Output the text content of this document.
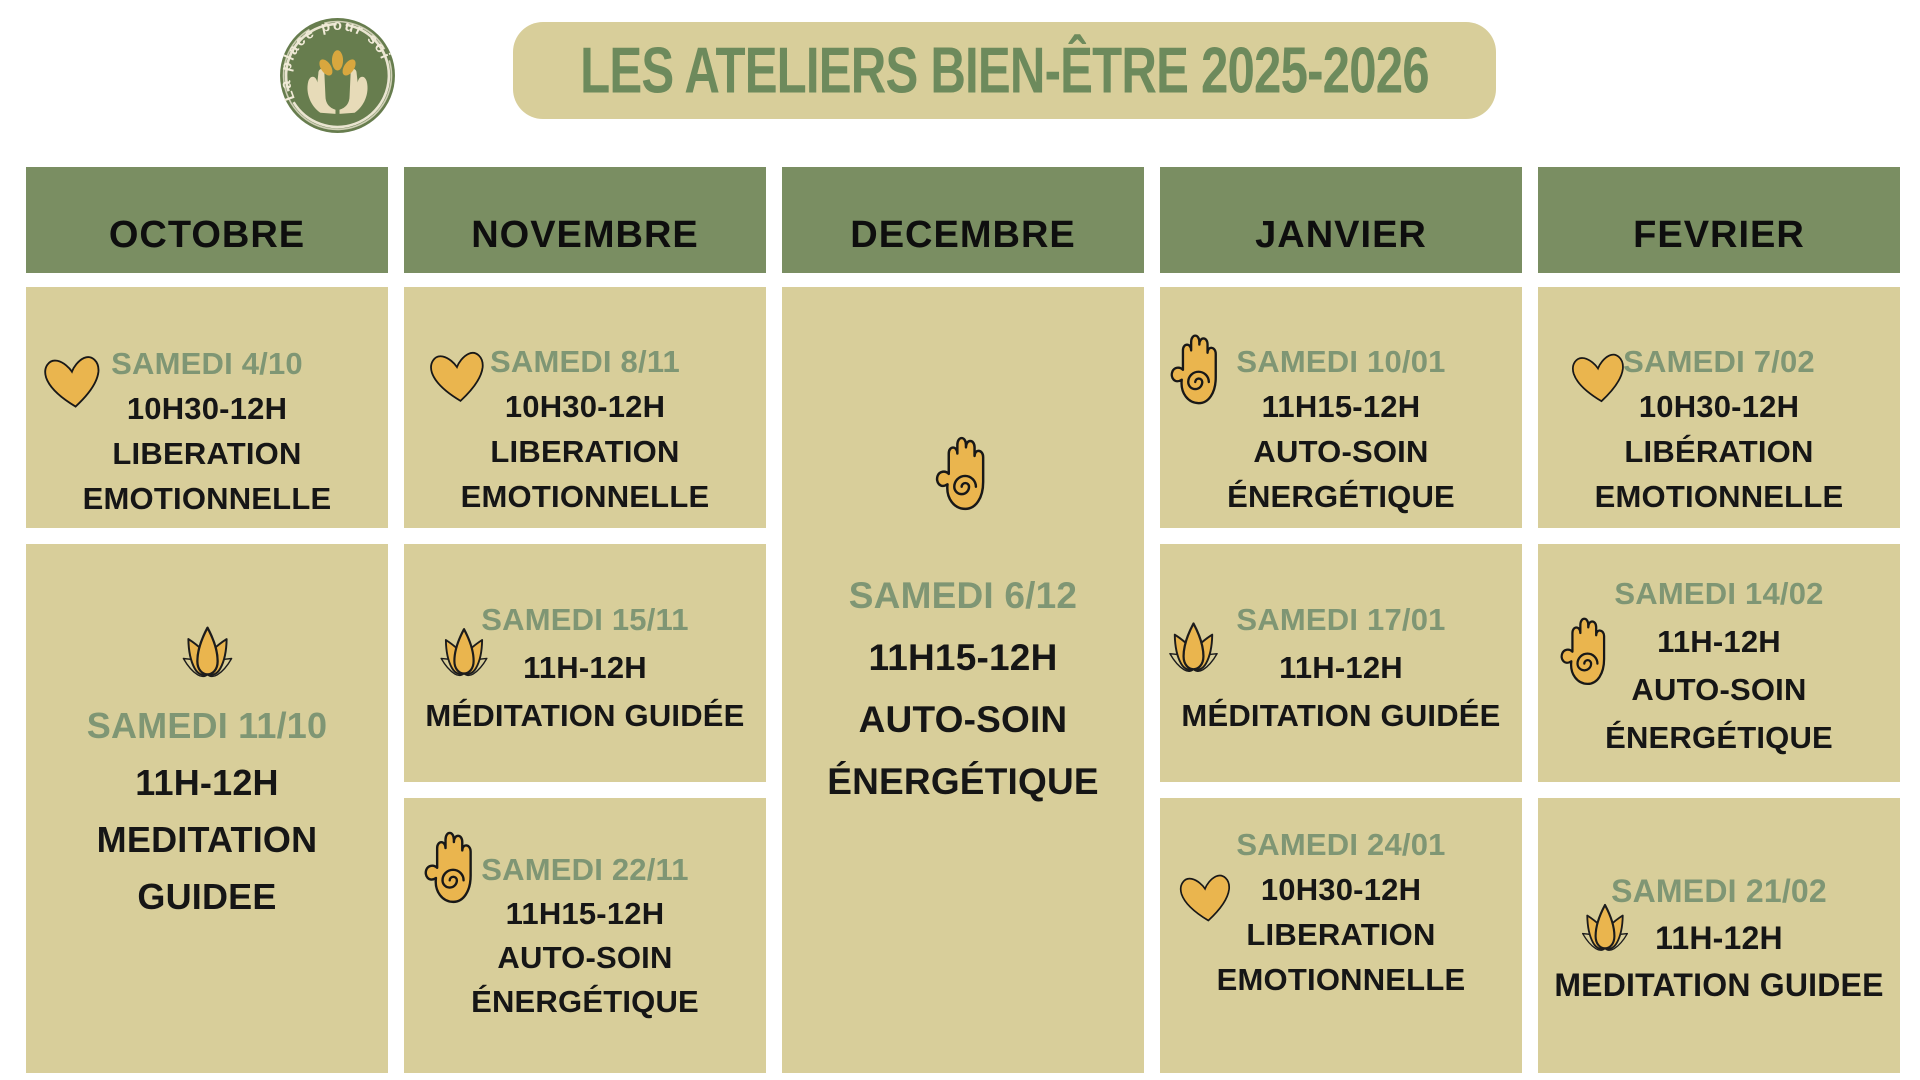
La place pour soi	LES ATELIERS BIEN-ÊTRE 2025-2026
OCTOBRE	NOVEMBRE	DECEMBRE	JANVIER	FEVRIER
SAMEDI 4/10
10H30-12H
LIBERATION
EMOTIONNELLE
SAMEDI 11/10
11H-12H
MEDITATION
GUIDEE
SAMEDI 8/11
10H30-12H
LIBERATION
EMOTIONNELLE
SAMEDI 15/11
11H-12H
MÉDITATION GUIDÉE
SAMEDI 22/11
11H15-12H
AUTO-SOIN
ÉNERGÉTIQUE
SAMEDI 6/12
11H15-12H
AUTO-SOIN
ÉNERGÉTIQUE
SAMEDI 10/01
11H15-12H
AUTO-SOIN
ÉNERGÉTIQUE
SAMEDI 17/01
11H-12H
MÉDITATION GUIDÉE
SAMEDI 24/01
10H30-12H
LIBERATION
EMOTIONNELLE
SAMEDI 7/02
10H30-12H
LIBÉRATION
EMOTIONNELLE
SAMEDI 14/02
11H-12H
AUTO-SOIN
ÉNERGÉTIQUE
SAMEDI 21/02
11H-12H
MEDITATION GUIDEE
